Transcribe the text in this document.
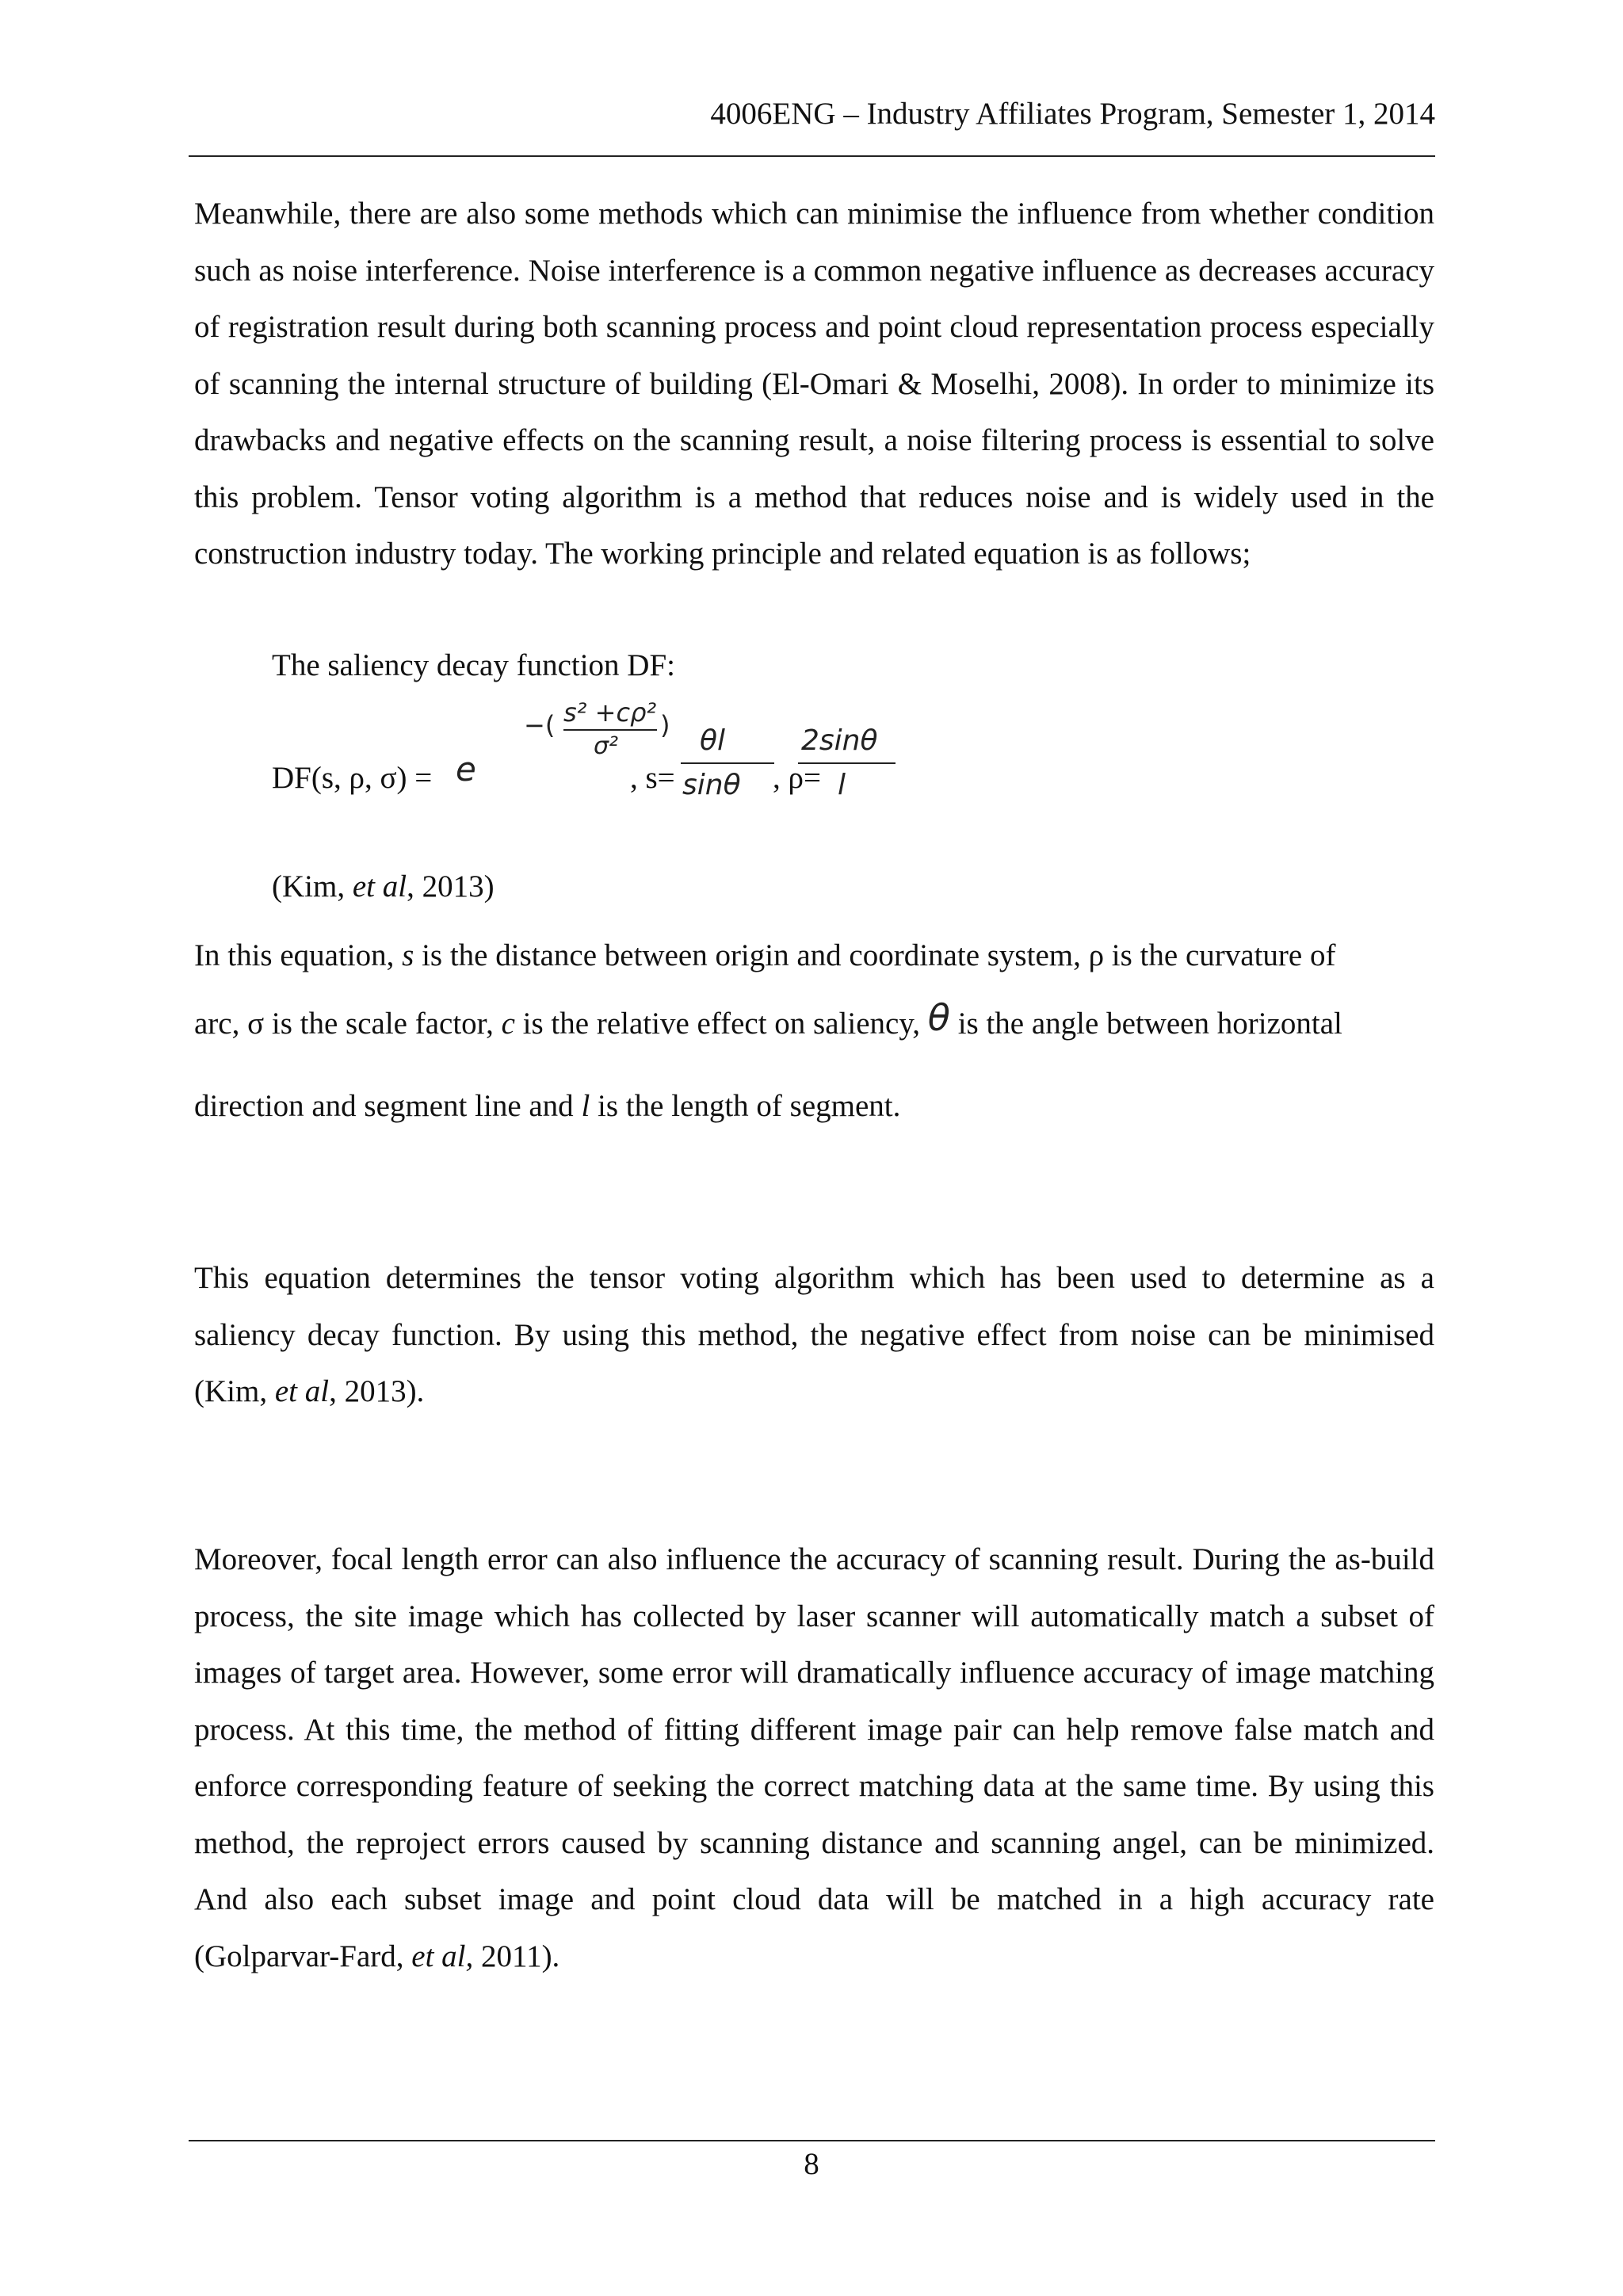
4006ENG – Industry Affiliates Program, Semester 1, 2014

Meanwhile, there are also some methods which can minimise the influence from whether condition such as noise interference. Noise interference is a common negative influence as decreases accuracy of registration result during both scanning process and point cloud representation process especially of scanning the internal structure of building (El-Omari & Moselhi, 2008). In order to minimize its drawbacks and negative effects on the scanning result, a noise filtering process is essential to solve this problem. Tensor voting algorithm is a method that reduces noise and is widely used in the construction industry today. The working principle and related equation is as follows;

The saliency decay function DF:
DF(s, ρ, σ) = e
−( s² +cρ²
σ²
)
, s=
θl
sinθ , ρ=
2sinθ
l
(Kim, et al, 2013)
In this equation, s is the distance between origin and coordinate system, ρ is the curvature of
arc, σ is the scale factor, c is the relative effect on saliency, θ is the angle between horizontal
direction and segment line and l is the length of segment.

This equation determines the tensor voting algorithm which has been used to determine as a saliency decay function. By using this method, the negative effect from noise can be minimised (Kim, et al, 2013).

Moreover, focal length error can also influence the accuracy of scanning result. During the as-build process, the site image which has collected by laser scanner will automatically match a subset of images of target area. However, some error will dramatically influence accuracy of image matching process. At this time, the method of fitting different image pair can help remove false match and enforce corresponding feature of seeking the correct matching data at the same time. By using this method, the reproject errors caused by scanning distance and scanning angel, can be minimized. And also each subset image and point cloud data will be matched in a high accuracy rate (Golparvar-Fard, et al, 2011).

8
